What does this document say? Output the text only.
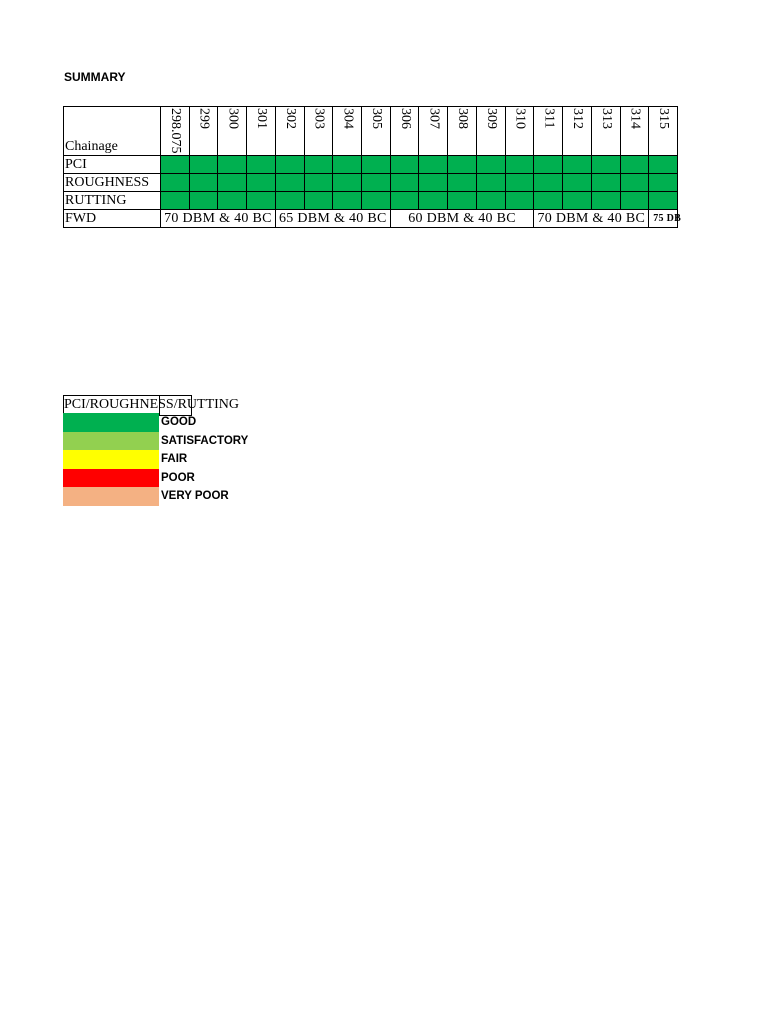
SUMMARY
Chainage	298.075	299	300	301	302	303	304	305	306	307	308	309	310	311	312	313	314	315

PCI																		
ROUGHNESS																		
RUTTING																		
FWD	70 DBM & 40 BC				65 DBM & 40 BC				60 DBM & 40 BC					70 DBM & 40 BC				75 DB
PCI/ROUGHNESS/RUTTING
GOOD
SATISFACTORY
FAIR
POOR
VERY POOR
